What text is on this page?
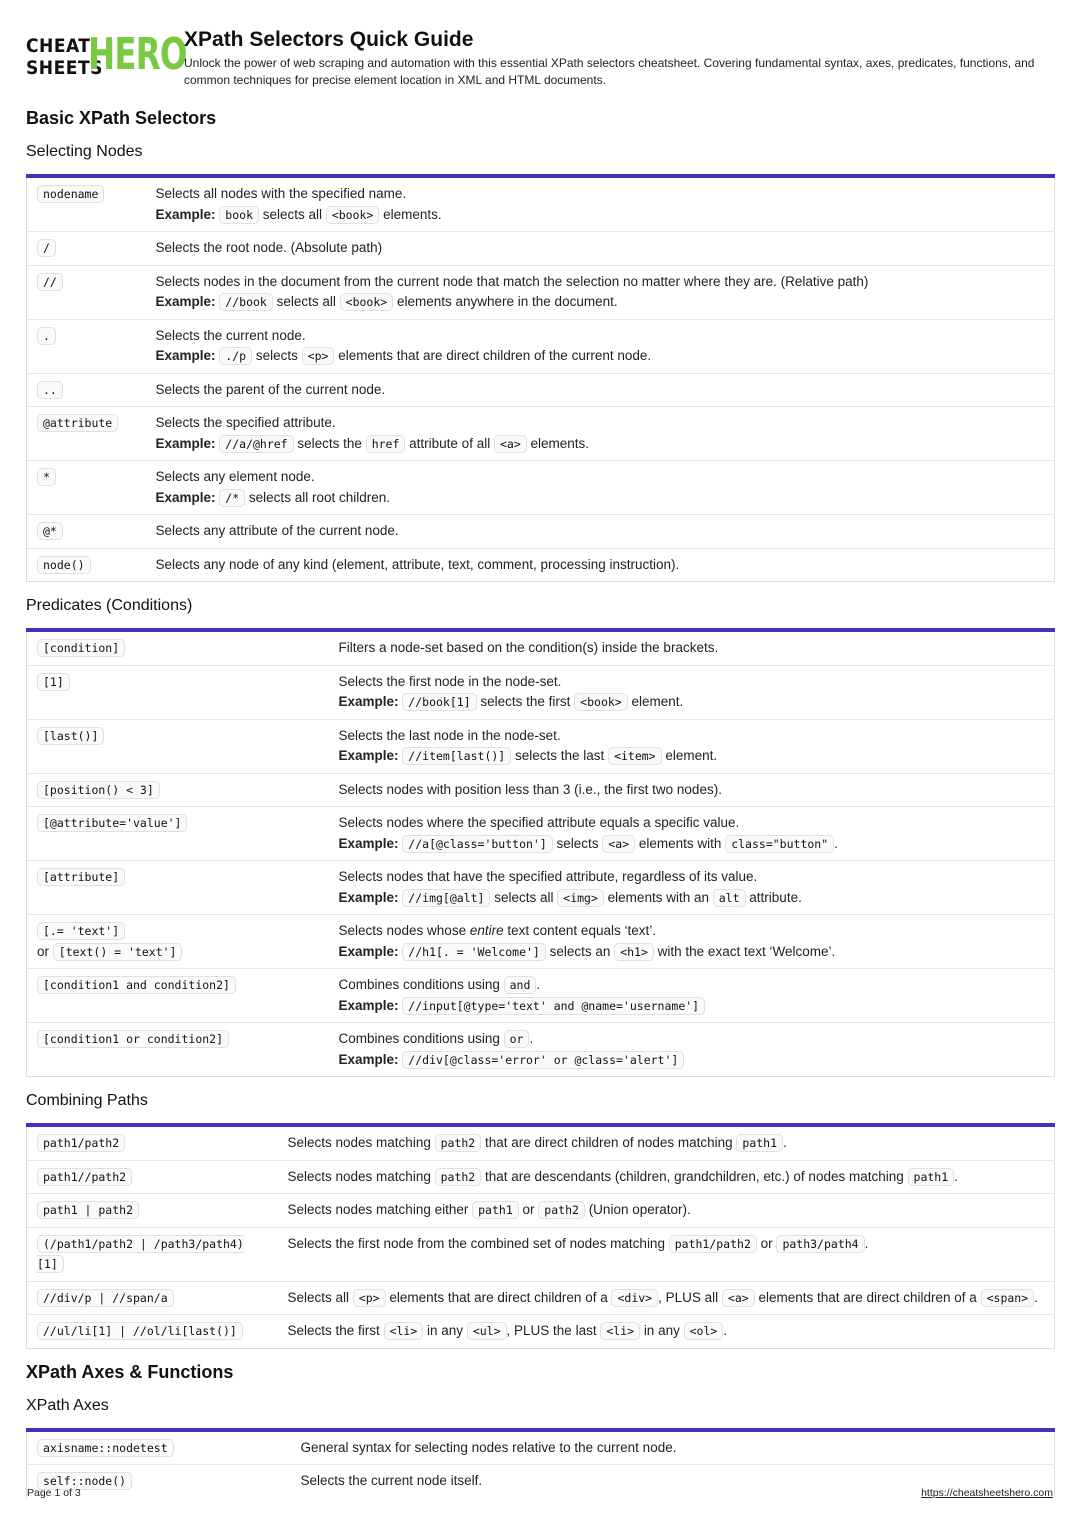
CHEAT
SHEETS
HERO
XPath Selectors Quick Guide
Unlock the power of web scraping and automation with this essential XPath selectors cheatsheet. Covering fundamental syntax, axes, predicates, functions, and common techniques for precise element location in XML and HTML documents.
Basic XPath Selectors
Selecting Nodes
nodename	Selects all nodes with the specified name.
Example: book selects all <book> elements.
/	Selects the root node. (Absolute path)
//	Selects nodes in the document from the current node that match the selection no matter where they are. (Relative path)
Example: //book selects all <book> elements anywhere in the document.
.	Selects the current node.
Example: ./p selects <p> elements that are direct children of the current node.
..	Selects the parent of the current node.
@attribute	Selects the specified attribute.
Example: //a/@href selects the href attribute of all <a> elements.
*	Selects any element node.
Example: /* selects all root children.
@*	Selects any attribute of the current node.
node()	Selects any node of any kind (element, attribute, text, comment, processing instruction).
Predicates (Conditions)
[condition]	Filters a node-set based on the condition(s) inside the brackets.
[1]	Selects the first node in the node-set.
Example: //book[1] selects the first <book> element.
[last()]	Selects the last node in the node-set.
Example: //item[last()] selects the last <item> element.
[position() < 3]	Selects nodes with position less than 3 (i.e., the first two nodes).
[@attribute='value']	Selects nodes where the specified attribute equals a specific value.
Example: //a[@class='button'] selects <a> elements with class="button" .
[attribute]	Selects nodes that have the specified attribute, regardless of its value.
Example: //img[@alt] selects all <img> elements with an alt attribute.
[.= 'text']
or [text() = 'text']	Selects nodes whose entire text content equals ‘text’.
Example: //h1[. = 'Welcome'] selects an <h1> with the exact text ‘Welcome’.
[condition1 and condition2]	Combines conditions using and .
Example: //input[@type='text' and @name='username']
[condition1 or condition2]	Combines conditions using or .
Example: //div[@class='error' or @class='alert']
Combining Paths
path1/path2	Selects nodes matching path2 that are direct children of nodes matching path1 .
path1//path2	Selects nodes matching path2 that are descendants (children, grandchildren, etc.) of nodes matching path1 .
path1 | path2	Selects nodes matching either path1 or path2 (Union operator).
(/path1/path2 | /path3/path4)[1]	Selects the first node from the combined set of nodes matching path1/path2 or path3/path4 .
//div/p | //span/a	Selects all <p> elements that are direct children of a <div> , PLUS all <a> elements that are direct children of a <span> .
//ul/li[1] | //ol/li[last()]	Selects the first <li> in any <ul> , PLUS the last <li> in any <ol> .
XPath Axes & Functions
XPath Axes
axisname::nodetest	General syntax for selecting nodes relative to the current node.
self::node()	Selects the current node itself.
Page 1 of 3	https://cheatsheetshero.com
